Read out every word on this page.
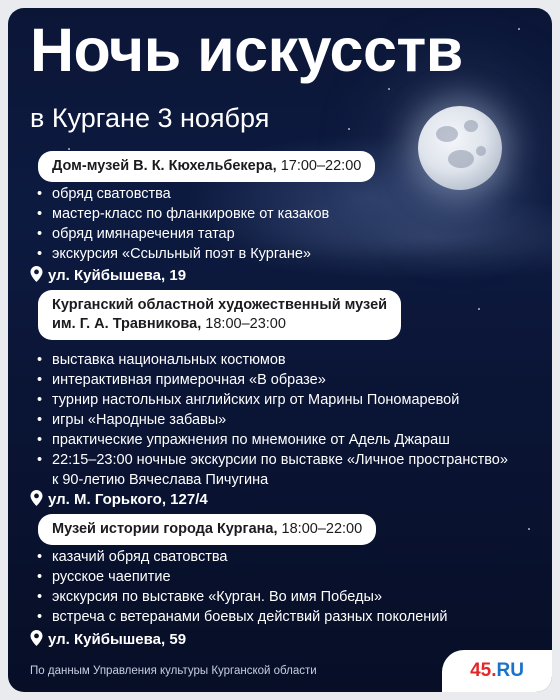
Ночь искусств
в Кургане 3 ноября
Дом-музей В. К. Кюхельбекера, 17:00–22:00
• обряд сватовства
• мастер-класс по фланкировке от казаков
• обряд имянаречения татар
• экскурсия «Ссыльный поэт в Кургане»
ул. Куйбышева, 19
Курганский областной художественный музей
им. Г. А. Травникова, 18:00–23:00
• выставка национальных костюмов
• интерактивная примерочная «В образе»
• турнир настольных английских игр от Марины Пономаревой
• игры «Народные забавы»
• практические упражнения по мнемонике от Адель Джараш
• 22:15–23:00 ночные экскурсии по выставке «Личное пространство»
к 90-летию Вячеслава Пичугина
ул. М. Горького, 127/4
Музей истории города Кургана, 18:00–22:00
• казачий обряд сватовства
• русское чаепитие
• экскурсия по выставке «Курган. Во имя Победы»
• встреча с ветеранами боевых действий разных поколений
ул. Куйбышева, 59
По данным Управления культуры Курганской области	45 . RU
